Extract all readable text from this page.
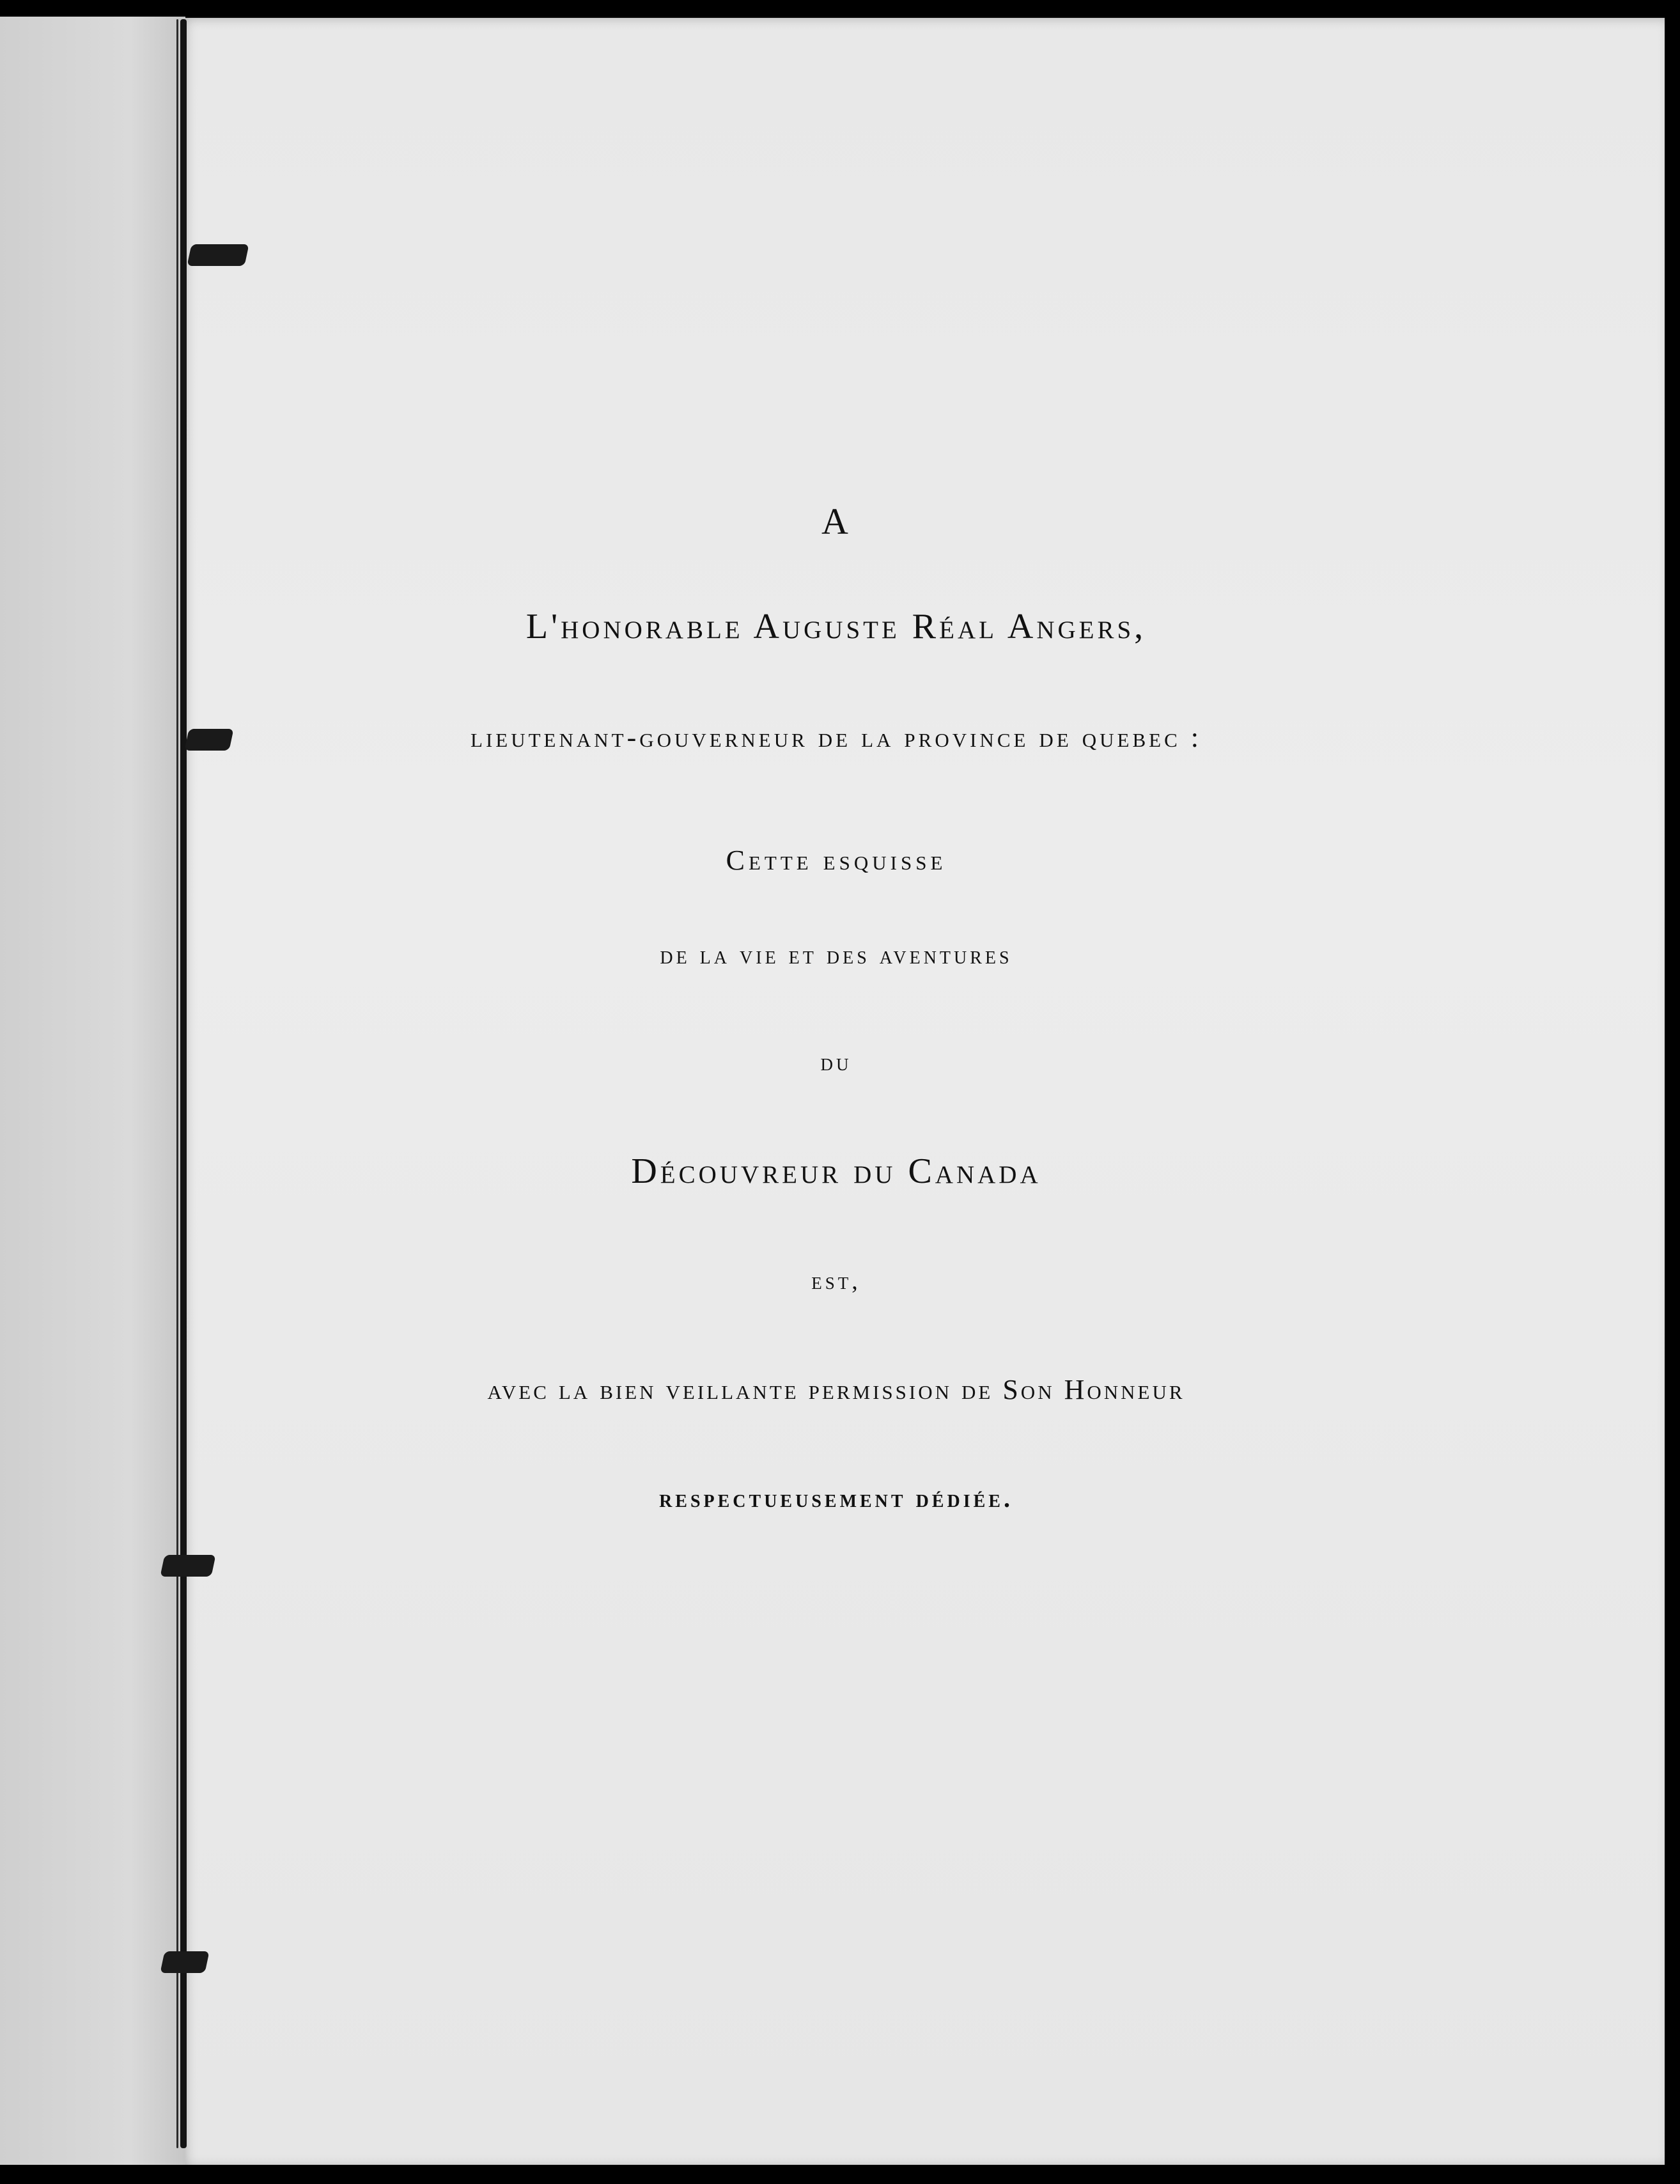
A
L'honorable Auguste Réal Angers,
lieutenant-gouverneur de la province de quebec :
Cette esquisse
de la vie et des aventures
du
Découvreur du Canada
est,
avec la bien veillante permission de Son Honneur
respectueusement dédiée.
